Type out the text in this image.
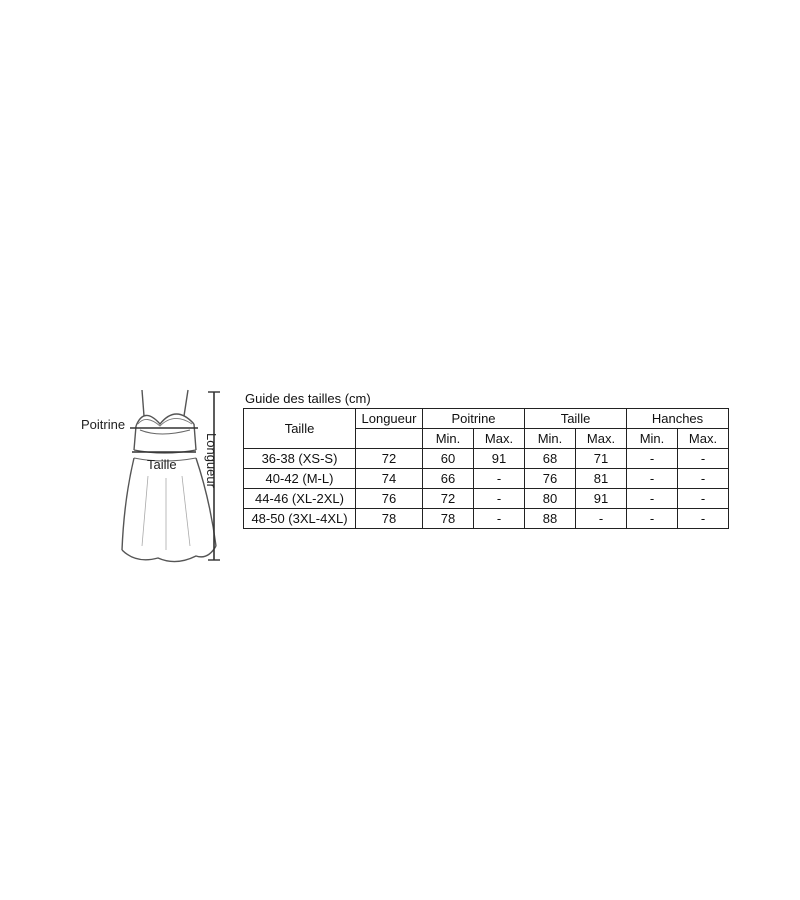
Poitrine
Taille Longueur
Guide des tailles (cm)
Taille	Longueur	Poitrine		Taille		Hanches	
		Min.	Max.	Min.	Max.	Min.	Max.
36-38 (XS-S)	72	60	91	68	71	-	-
40-42 (M-L)	74	66	-	76	81	-	-
44-46 (XL-2XL)	76	72	-	80	91	-	-
48-50 (3XL-4XL)	78	78	-	88	-	-	-
